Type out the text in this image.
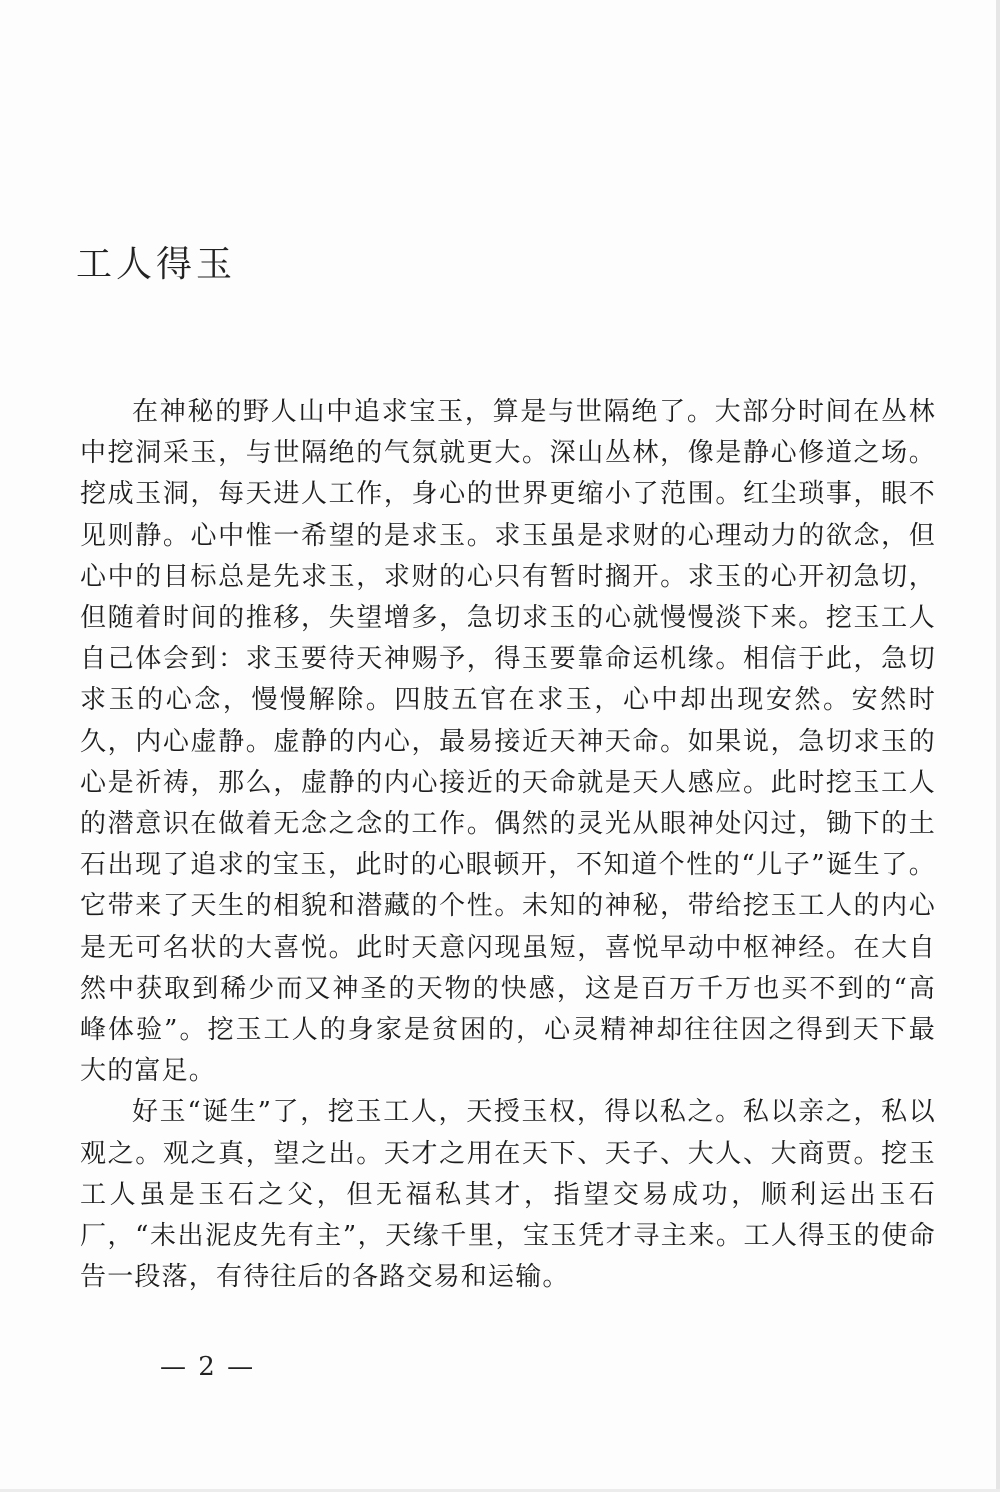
工人得玉

在神秘的野人山中追求宝玉，算是与世隔绝了。大部分时间在丛林中挖洞采玉，与世隔绝的气氛就更大。深山丛林，像是静心修道之场。挖成玉洞，每天进人工作，身心的世界更缩小了范围。红尘琐事，眼不见则静。心中惟一希望的是求玉。求玉虽是求财的心理动力的欲念，但心中的目标总是先求玉，求财的心只有暂时搁开。求玉的心开初急切，但随着时间的推移，失望增多，急切求玉的心就慢慢淡下来。挖玉工人自己体会到：求玉要待天神赐予，得玉要靠命运机缘。相信于此，急切求玉的心念，慢慢解除。四肢五官在求玉，心中却出现安然。安然时久，内心虚静。虚静的内心，最易接近天神天命。如果说，急切求玉的心是祈祷，那么，虚静的内心接近的天命就是天人感应。此时挖玉工人的潜意识在做着无念之念的工作。偶然的灵光从眼神处闪过，锄下的土石出现了追求的宝玉，此时的心眼顿开，不知道个性的“儿子”诞生了。它带来了天生的相貌和潜藏的个性。未知的神秘，带给挖玉工人的内心是无可名状的大喜悦。此时天意闪现虽短，喜悦早动中枢神经。在大自然中获取到稀少而又神圣的天物的快感，这是百万千万也买不到的“高峰体验”。挖玉工人的身家是贫困的，心灵精神却往往因之得到天下最大的富足。

好玉“诞生”了，挖玉工人，天授玉权，得以私之。私以亲之，私以观之。观之真，望之出。天才之用在天下、天子、大人、大商贾。挖玉工人虽是玉石之父，但无福私其才，指望交易成功，顺利运出玉石厂，“未出泥皮先有主”，天缘千里，宝玉凭才寻主来。工人得玉的使命告一段落，有待往后的各路交易和运输。

— 2 —
